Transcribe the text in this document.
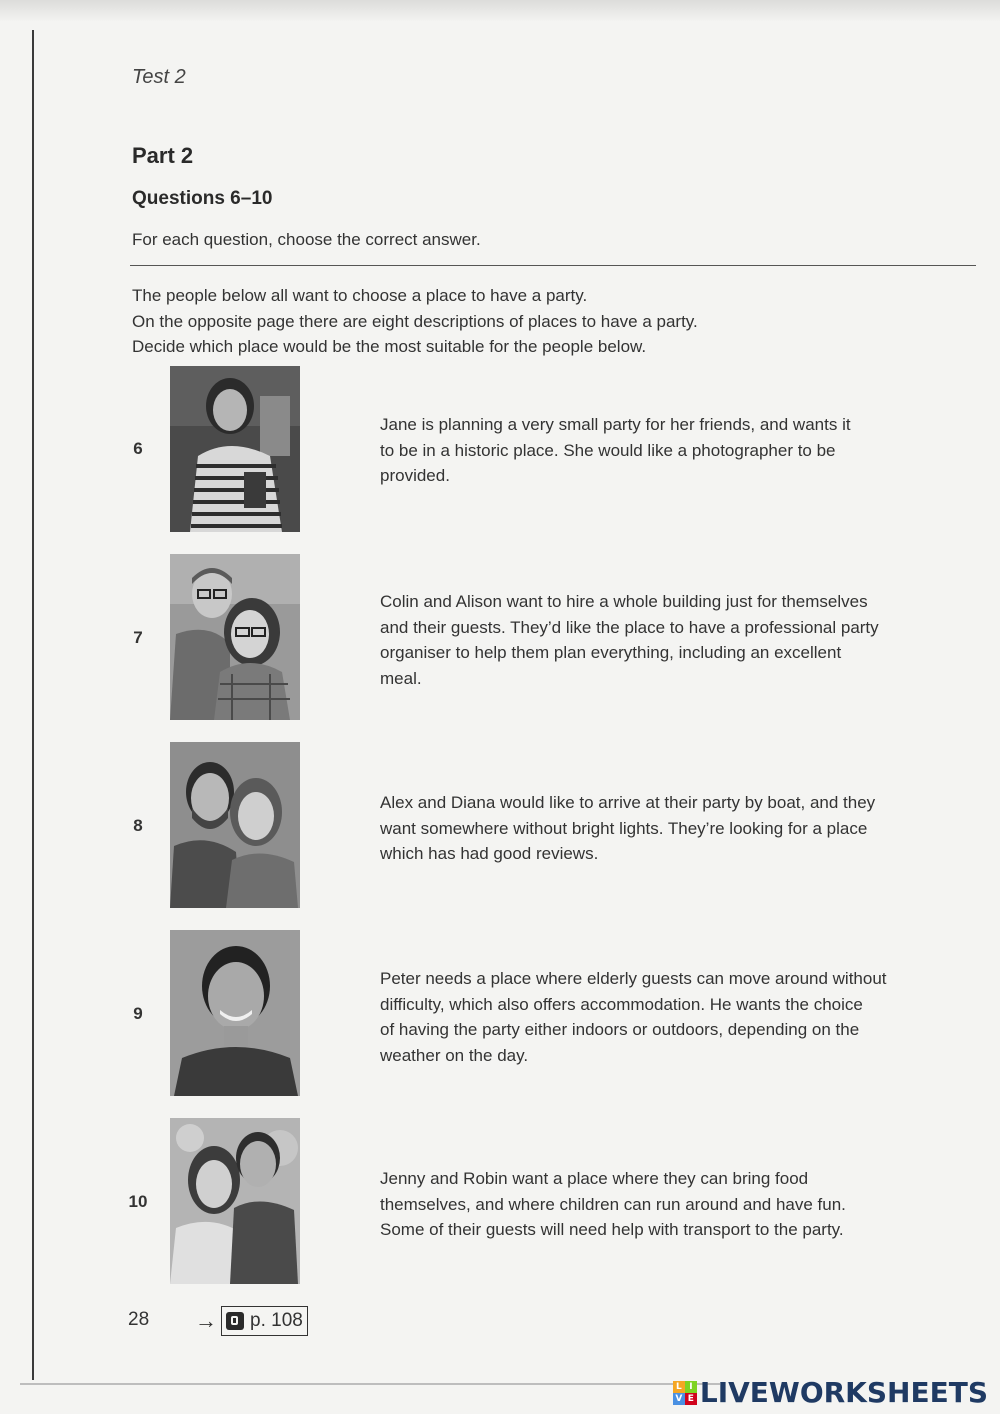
Test 2
Part 2
Questions 6–10
For each question, choose the correct answer.
The people below all want to choose a place to have a party.
On the opposite page there are eight descriptions of places to have a party.
Decide which place would be the most suitable for the people below.
6
Jane is planning a very small party for her friends, and wants it
to be in a historic place. She would like a photographer to be
provided.
7
Colin and Alison want to hire a whole building just for themselves
and their guests. They’d like the place to have a professional party
organiser to help them plan everything, including an excellent
meal.
8
Alex and Diana would like to arrive at their party by boat, and they
want somewhere without bright lights. They’re looking for a place
which has had good reviews.
9
Peter needs a place where elderly guests can move around without
difficulty, which also offers accommodation. He wants the choice
of having the party either indoors or outdoors, depending on the
weather on the day.
10
Jenny and Robin want a place where they can bring food
themselves, and where children can run around and have fun.
Some of their guests will need help with transport to the party.
28 → p. 108
L I
V E LIVEWORKSHEETS
